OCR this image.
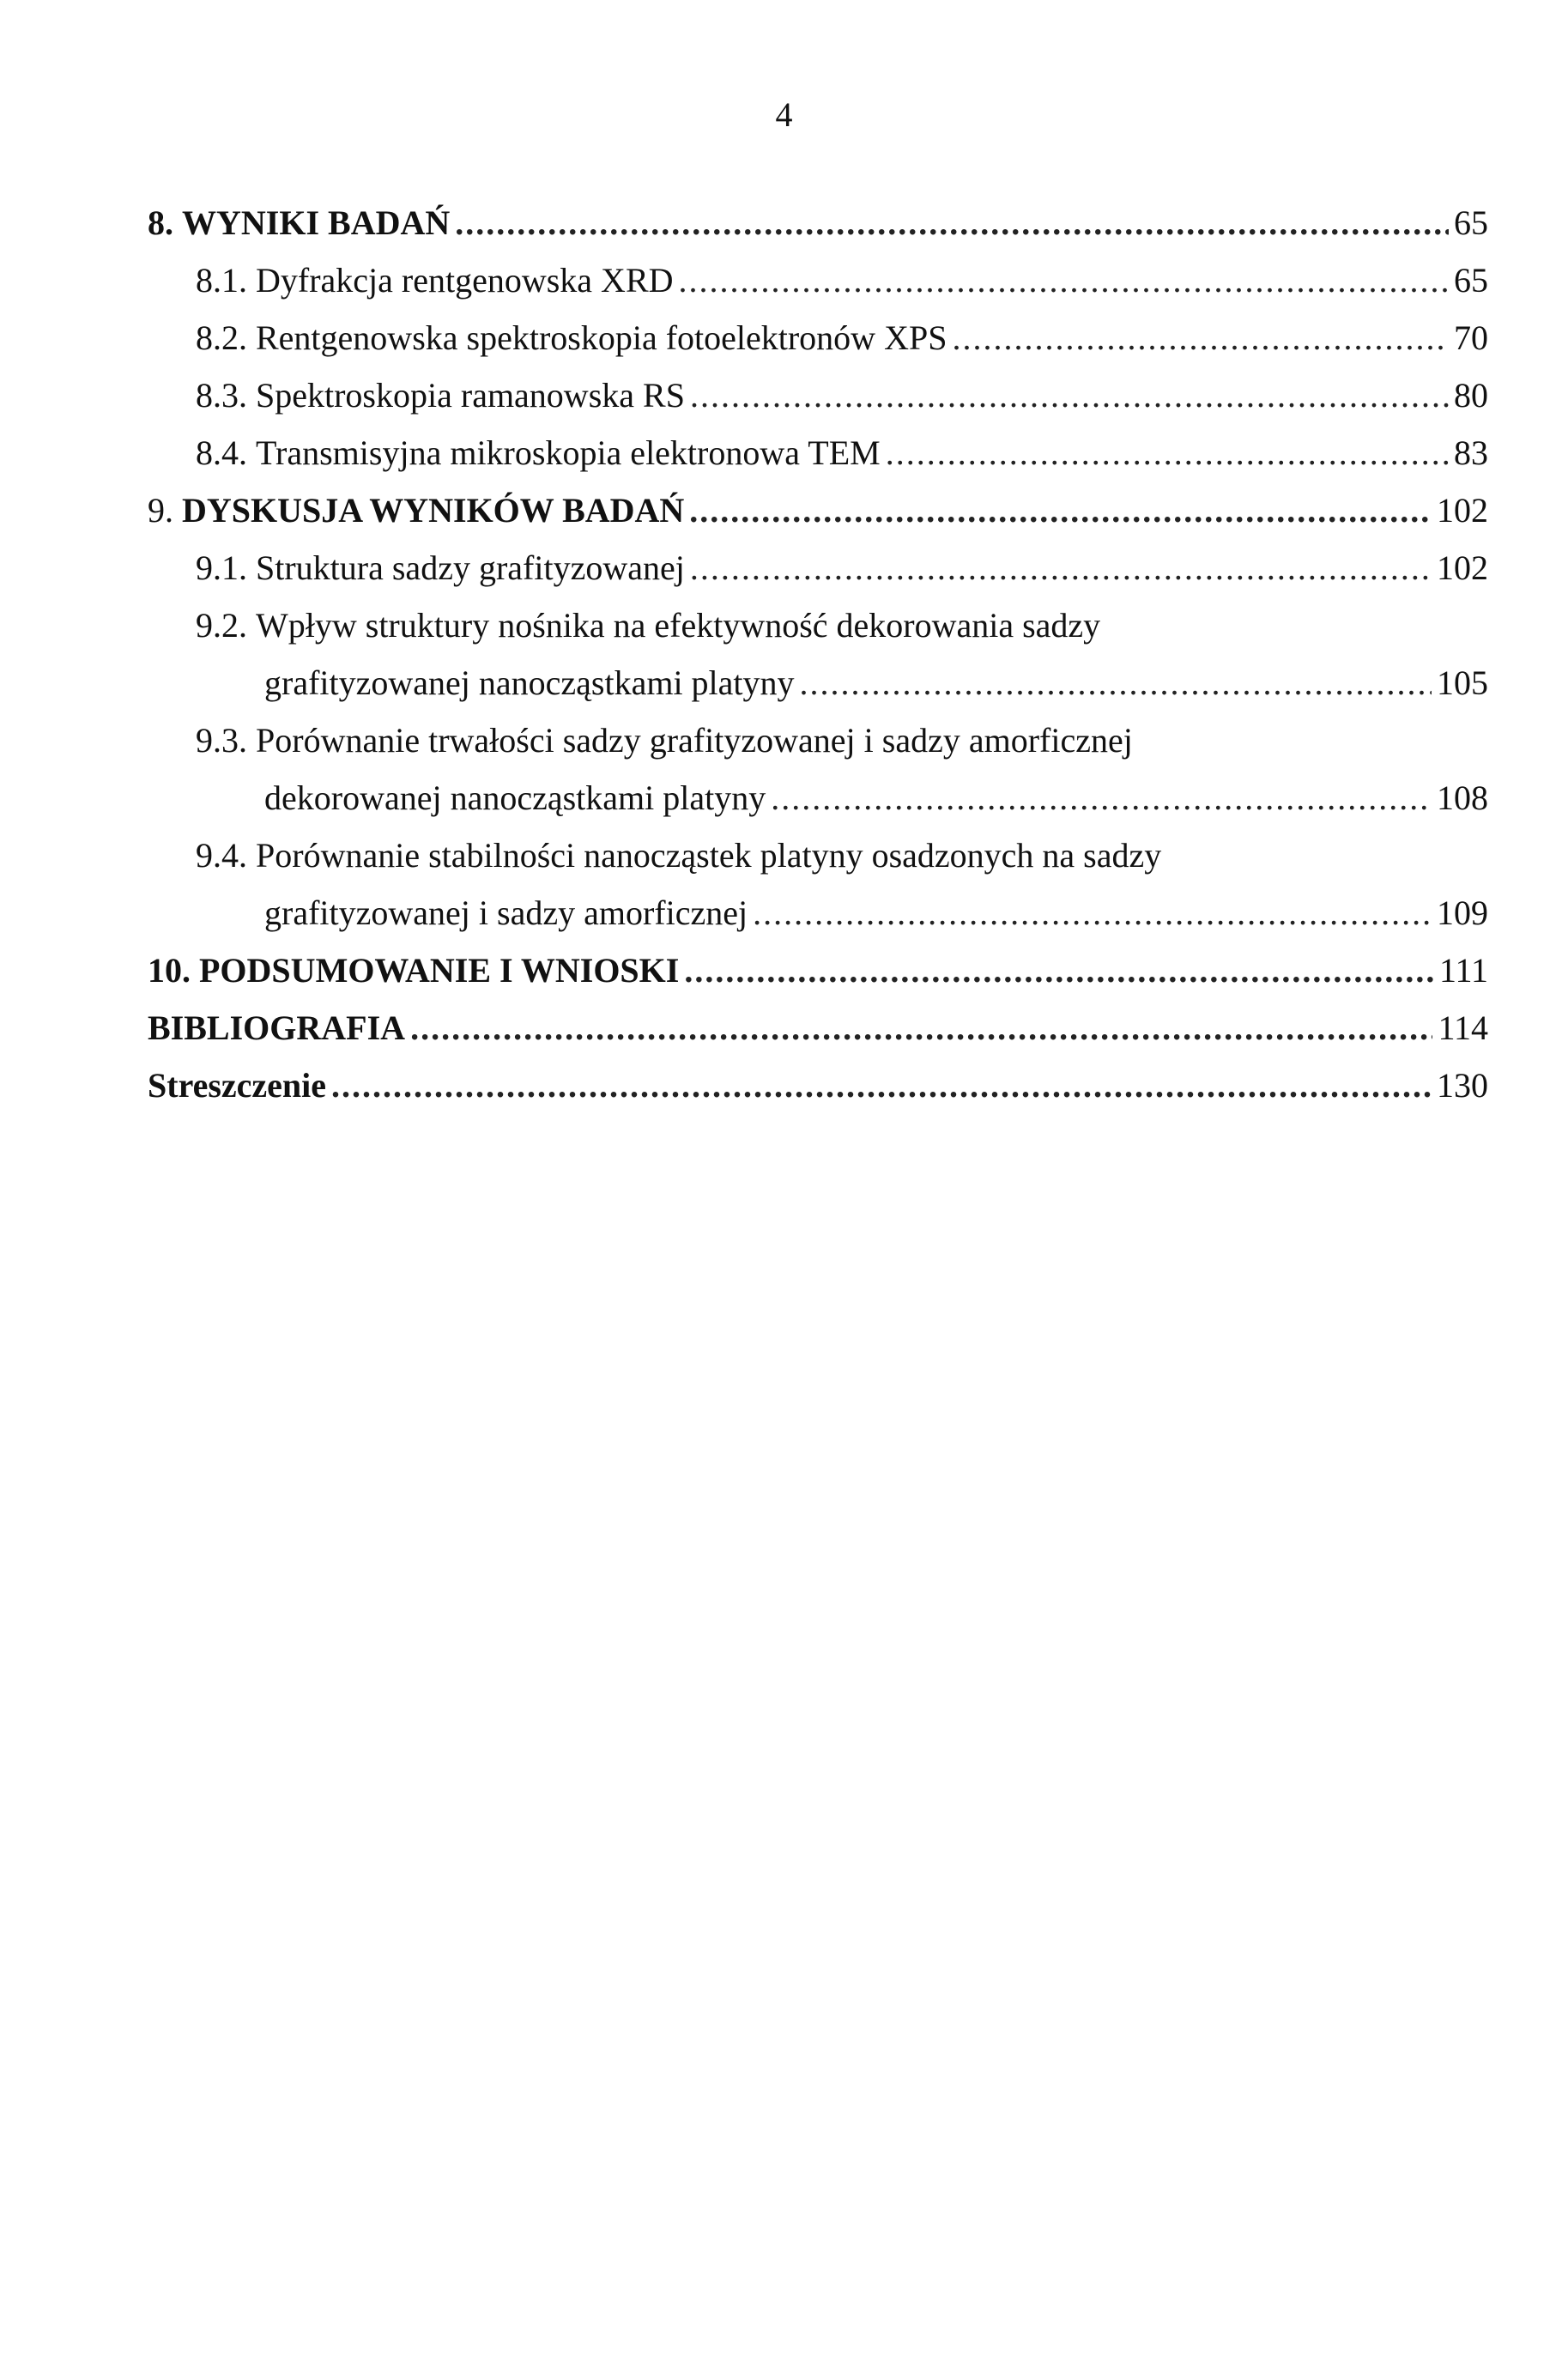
4
8. WYNIKI BADAŃ .....	65
8.1. Dyfrakcja rentgenowska XRD .....	65
8.2. Rentgenowska spektroskopia fotoelektronów XPS .....	70
8.3. Spektroskopia ramanowska RS .....	80
8.4. Transmisyjna mikroskopia elektronowa TEM .....	83
9. DYSKUSJA WYNIKÓW BADAŃ .....	102
9.1. Struktura sadzy grafityzowanej .....	102
9.2. Wpływ struktury nośnika na efektywność dekorowania sadzy
grafityzowanej nanocząstkami platyny .....	105
9.3. Porównanie trwałości sadzy grafityzowanej i sadzy amorficznej
dekorowanej nanocząstkami platyny .....	108
9.4. Porównanie stabilności nanocząstek platyny osadzonych na sadzy
grafityzowanej i sadzy amorficznej .....	109
10. PODSUMOWANIE I WNIOSKI .....	111
BIBLIOGRAFIA .....	114
Streszczenie .....	130
